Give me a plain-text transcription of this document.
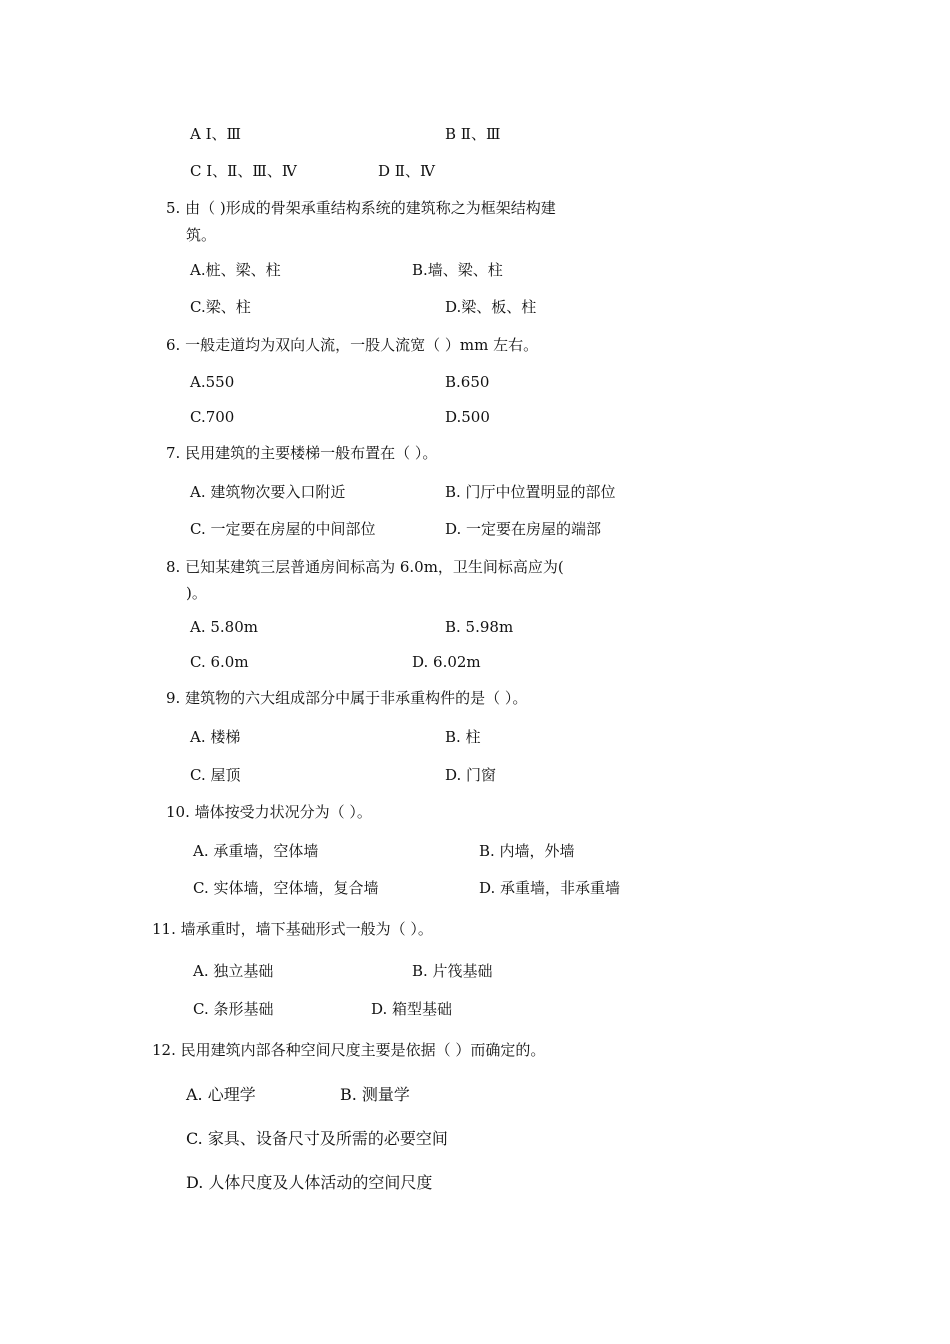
A Ⅰ、Ⅲ	B Ⅱ、Ⅲ
C Ⅰ、Ⅱ、Ⅲ、Ⅳ	D Ⅱ、Ⅳ
5. 由（ )形成的骨架承重结构系统的建筑称之为框架结构建
筑。
A.桩、梁、柱	B.墙、梁、柱
C.梁、柱	D.梁、板、柱
6. 一般走道均为双向人流，一股人流宽（ ）mm 左右。
A.550	B.650
C.700	D.500
7. 民用建筑的主要楼梯一般布置在（ ）。
A. 建筑物次要入口附近	B. 门厅中位置明显的部位
C. 一定要在房屋的中间部位	D. 一定要在房屋的端部
8. 已知某建筑三层普通房间标高为 6.0m，卫生间标高应为(
)。
A. 5.80m	B. 5.98m
C. 6.0m	D. 6.02m
9. 建筑物的六大组成部分中属于非承重构件的是（ ）。
A. 楼梯	B. 柱
C. 屋顶	D. 门窗
10. 墙体按受力状况分为（ ）。
A. 承重墙，空体墙	B. 内墙，外墙
C. 实体墙，空体墙，复合墙	D. 承重墙，非承重墙
11. 墙承重时，墙下基础形式一般为（ ）。
A. 独立基础	B. 片筏基础
C. 条形基础	D. 箱型基础
12. 民用建筑内部各种空间尺度主要是依据（ ）而确定的。
A. 心理学	B. 测量学
C. 家具、设备尺寸及所需的必要空间
D. 人体尺度及人体活动的空间尺度
